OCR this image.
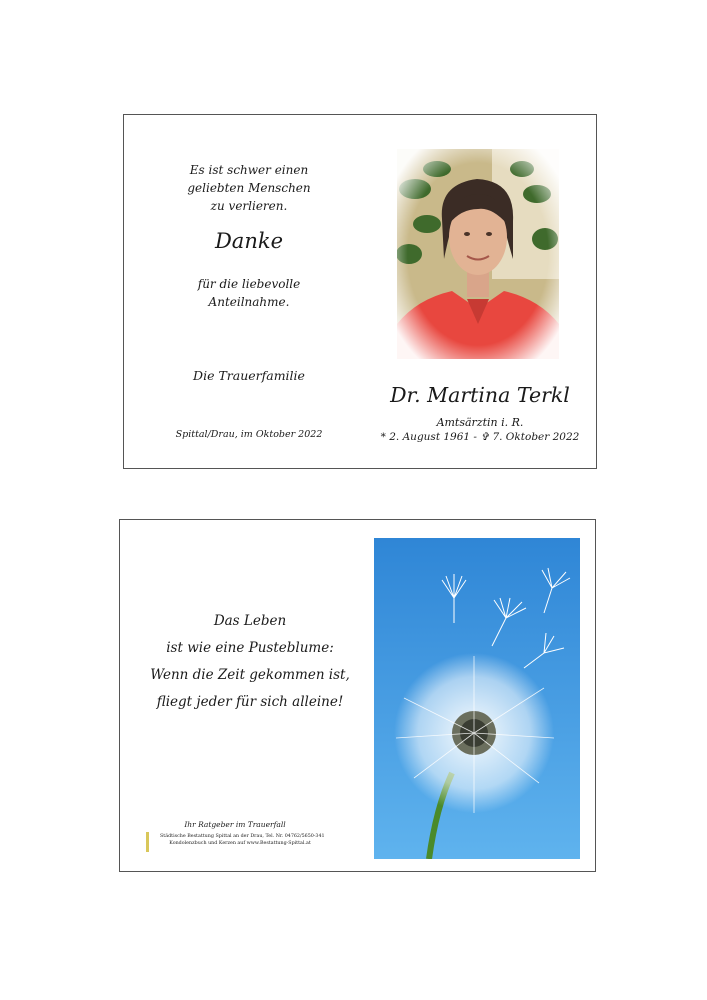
Es ist schwer einen
geliebten Menschen
zu verlieren.
Danke
für die liebevolle
Anteilnahme.
Die Trauerfamilie
Spittal/Drau, im Oktober 2022
Dr. Martina Terkl
Amtsärztin i. R.
* 2. August 1961 - ✞ 7. Oktober 2022
Das Leben
ist wie eine Pusteblume:
Wenn die Zeit gekommen ist,
fliegt jeder für sich alleine!
Ihr Ratgeber im Trauerfall
Städtische Bestattung Spittal an der Drau, Tel. Nr. 04762/5650-341
Kondolenzbuch und Kerzen auf www.Bestattung-Spittal.at
